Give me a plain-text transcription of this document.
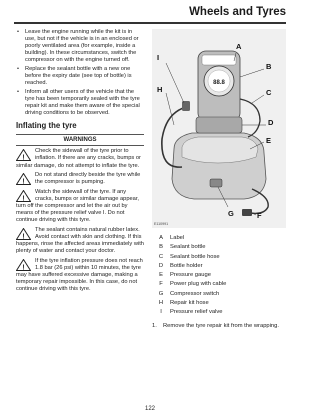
Wheels and Tyres
• Leave the engine running while the kit is in use, but not if the vehicle is in an enclosed or poorly ventilated area (for example, inside a building). In these circumstances, switch the compressor on with the engine turned off.
• Replace the sealant bottle with a new one before the expiry date (see top of bottle) is reached.
• Inform all other users of the vehicle that the tyre has been temporarily sealed with the tyre repair kit and make them aware of the special driving conditions to be observed.
Inflating the tyre
WARNINGS
!
Check the sidewall of the tyre prior to inflation. If there are any cracks, bumps or similar damage, do not attempt to inflate the tyre.
!
Do not stand directly beside the tyre while the compressor is pumping.
!
Watch the sidewall of the tyre. If any cracks, bumps or similar damage appear, turn off the compressor and let the air out by means of the pressure relief valve I. Do not continue driving with this tyre.
!
The sealant contains natural rubber latex. Avoid contact with skin and clothing. If this happens, rinse the affected areas immediately with plenty of water and contact your doctor.
!
If the tyre inflation pressure does not reach 1.8 bar (26 psi) within 10 minutes, the tyre may have suffered excessive damage, making a temporary repair impossible. In this case, do not continue driving with this tyre.
88.8
A
B
C
D
E
F
G
H
I
E110991
A	Label
B	Sealant bottle
C	Sealant bottle hose
D	Bottle holder
E	Pressure gauge
F	Power plug with cable
G	Compressor switch
H	Repair kit hose
I	Pressure relief valve
1.	Remove the tyre repair kit from the wrapping.
122
